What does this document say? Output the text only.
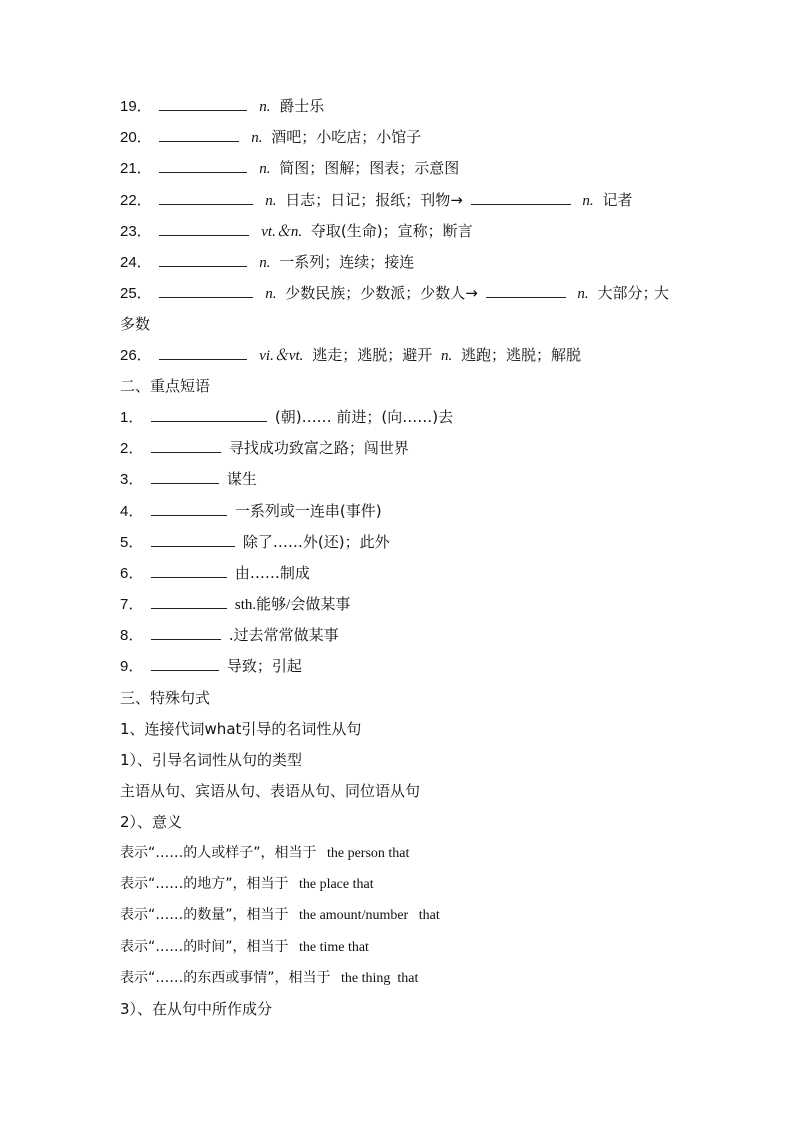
19．	n. 爵士乐
20．	n. 酒吧；小吃店；小馆子
21．	n. 简图；图解；图表；示意图
22．	n. 日志；日记；报纸；刊物→	n. 记者
23．	vt.＆n. 夺取(生命)；宣称；断言
24．	n. 一系列；连续；接连
25．	n. 少数民族；少数派；少数人→	n. 大部分；
大
多数
26．	vi.＆vt. 逃走；逃脱；避开 n. 逃跑；逃脱；解脱
二、重点短语
1．	(朝)…… 前进；(向……)去
2．	寻找成功致富之路；闯世界
3．	谋生
4．	一系列或一连串(事件)
5．	除了……外(还)；此外
6．	由……制成
7．	sth.能够/会做某事
8．	.过去常常做某事
9．	导致；引起
三、特殊句式
1、连接代词what引导的名词性从句
1）、引导名词性从句的类型
主语从句、宾语从句、表语从句、同位语从句
2）、意义
表示“……的人或样子”，相当于 the person that
表示“……的地方”，相当于 the place that
表示“……的数量”，相当于 the amount/number   that
表示“……的时间”，相当于 the time that
表示“……的东西或事情”，相当于 the thing  that
3）、在从句中所作成分
